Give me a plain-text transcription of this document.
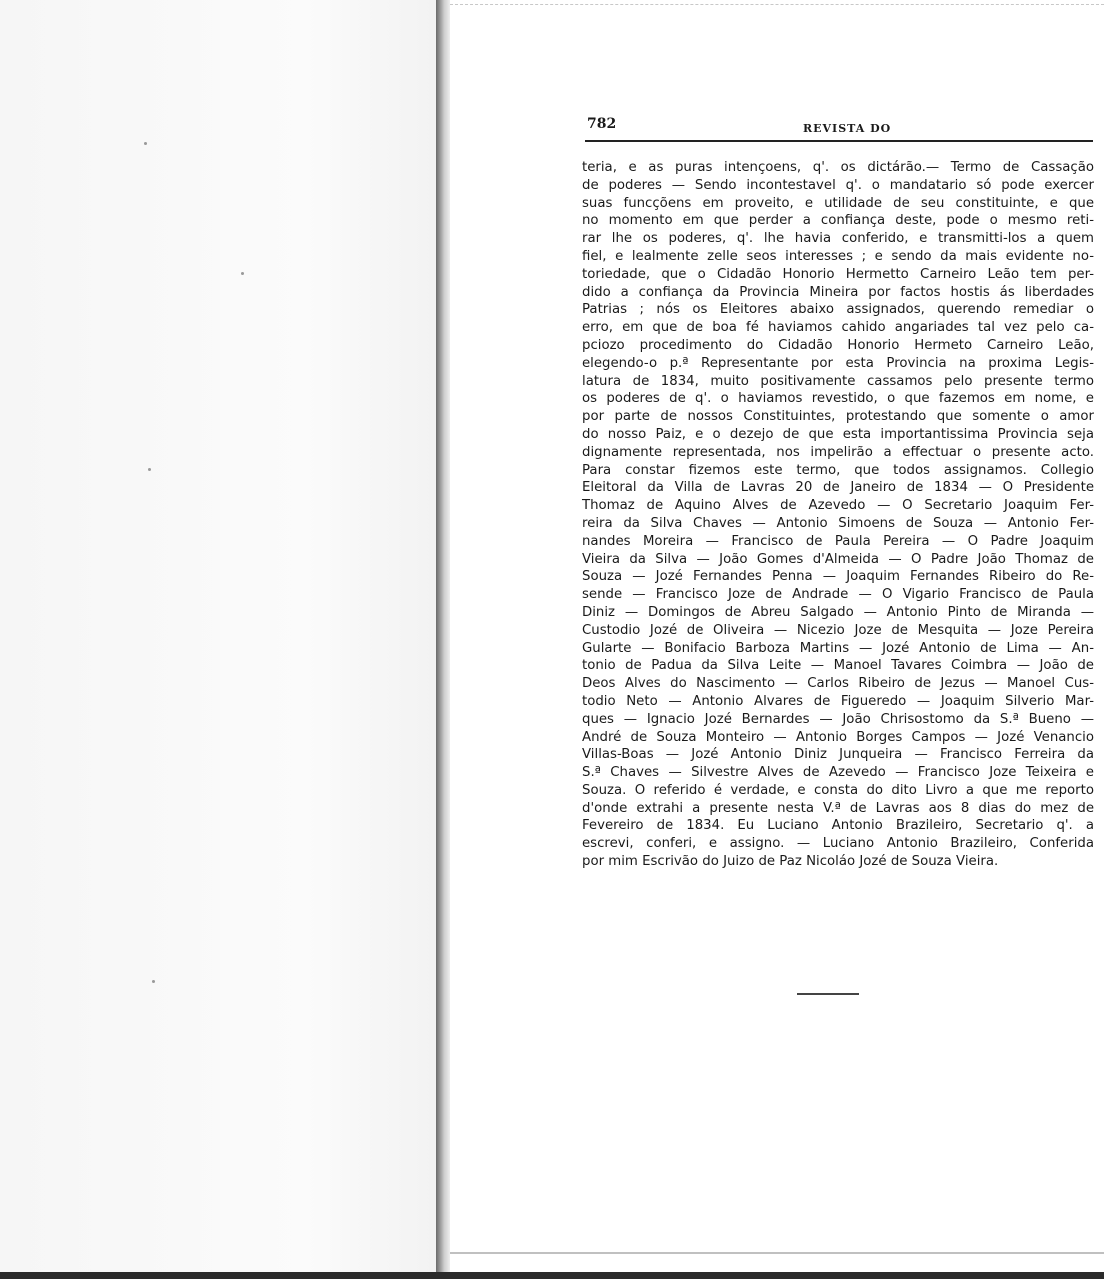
782	REVISTA DO
teria, e as puras intençoens, q'. os dictárão.— Termo de Cassação
de poderes — Sendo incontestavel q'. o mandatario só pode exercer
suas funcçõens em proveito, e utilidade de seu constituinte, e que
no momento em que perder a confiança deste, pode o mesmo reti-
rar lhe os poderes, q'. lhe havia conferido, e transmitti-los a quem
fiel, e lealmente zelle seos interesses ; e sendo da mais evidente no-
toriedade, que o Cidadão Honorio Hermetto Carneiro Leão tem per-
dido a confiança da Provincia Mineira por factos hostis ás liberdades
Patrias ; nós os Eleitores abaixo assignados, querendo remediar o
erro, em que de boa fé haviamos cahido angariades tal vez pelo ca-
pciozo procedimento do Cidadão Honorio Hermeto Carneiro Leão,
elegendo-o p.ª Representante por esta Provincia na proxima Legis-
latura de 1834, muito positivamente cassamos pelo presente termo
os poderes de q'. o haviamos revestido, o que fazemos em nome, e
por parte de nossos Constituintes, protestando que somente o amor
do nosso Paiz, e o dezejo de que esta importantissima Provincia seja
dignamente representada, nos impelirão a effectuar o presente acto.
Para constar fizemos este termo, que todos assignamos. Collegio
Eleitoral da Villa de Lavras 20 de Janeiro de 1834 — O Presidente
Thomaz de Aquino Alves de Azevedo — O Secretario Joaquim Fer-
reira da Silva Chaves — Antonio Simoens de Souza — Antonio Fer-
nandes Moreira — Francisco de Paula Pereira — O Padre Joaquim
Vieira da Silva — João Gomes d'Almeida — O Padre João Thomaz de
Souza — Jozé Fernandes Penna — Joaquim Fernandes Ribeiro do Re-
sende — Francisco Joze de Andrade — O Vigario Francisco de Paula
Diniz — Domingos de Abreu Salgado — Antonio Pinto de Miranda —
Custodio Jozé de Oliveira — Nicezio Joze de Mesquita — Joze Pereira
Gularte — Bonifacio Barboza Martins — Jozé Antonio de Lima — An-
tonio de Padua da Silva Leite — Manoel Tavares Coimbra — João de
Deos Alves do Nascimento — Carlos Ribeiro de Jezus — Manoel Cus-
todio Neto — Antonio Alvares de Figueredo — Joaquim Silverio Mar-
ques — Ignacio Jozé Bernardes — João Chrisostomo da S.ª Bueno —
André de Souza Monteiro — Antonio Borges Campos — Jozé Venancio
Villas-Boas — Jozé Antonio Diniz Junqueira — Francisco Ferreira da
S.ª Chaves — Silvestre Alves de Azevedo — Francisco Joze Teixeira e
Souza. O referido é verdade, e consta do dito Livro a que me reporto
d'onde extrahi a presente nesta V.ª de Lavras aos 8 dias do mez de
Fevereiro de 1834. Eu Luciano Antonio Brazileiro, Secretario q'. a
escrevi, conferi, e assigno. — Luciano Antonio Brazileiro, Conferida
por mim Escrivão do Juizo de Paz Nicoláo Jozé de Souza Vieira.
